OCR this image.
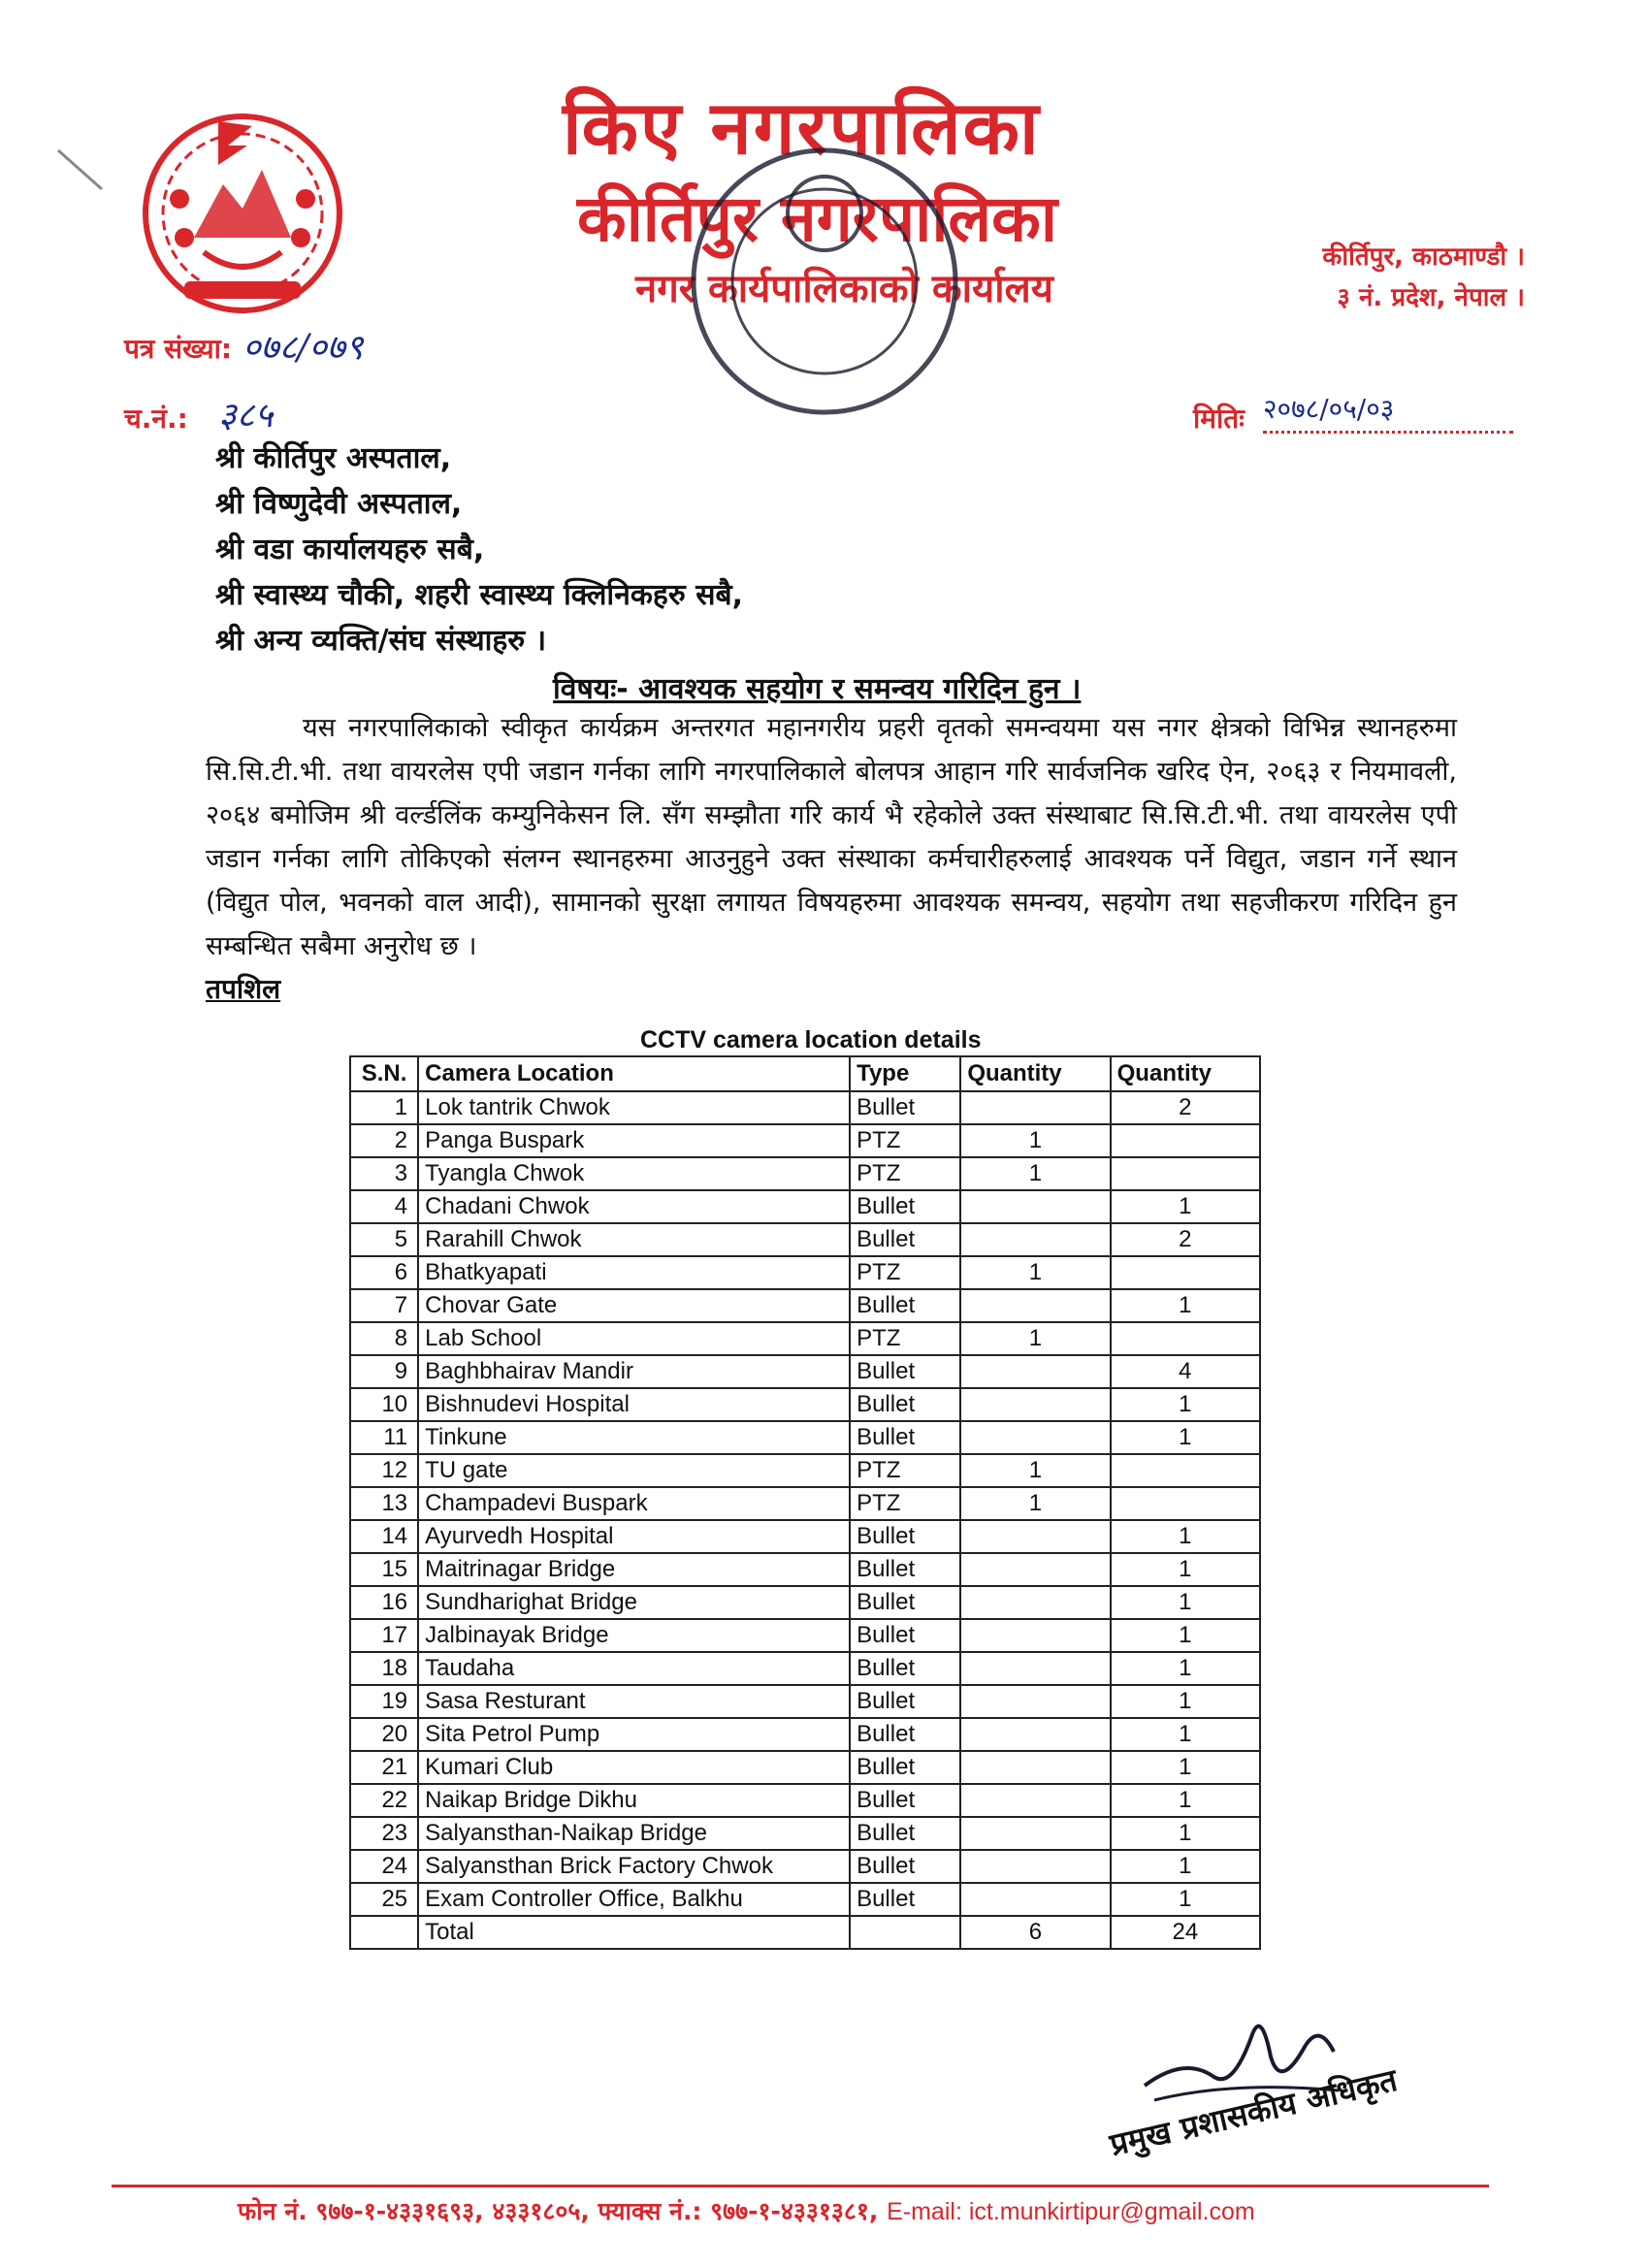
किए नगरपालिका
कीर्तिपुर नगरपालिका
नगर कार्यपालिकाको कार्यालय
कीर्तिपुर, काठमाण्डौ ।
३ नं. प्रदेश, नेपाल ।
पत्र संख्या: ०७८/०७९
च.नं.: ३८५	मितिः २०७८/०५/०३
श्री कीर्तिपुर अस्पताल,
श्री विष्णुदेवी अस्पताल,
श्री वडा कार्यालयहरु सबै,
श्री स्वास्थ्य चौकी, शहरी स्वास्थ्य क्लिनिकहरु सबै,
श्री अन्य व्यक्ति/संघ संस्थाहरु ।
विषयः- आवश्यक सहयोग र समन्वय गरिदिन हुन ।
यस नगरपालिकाको स्वीकृत कार्यक्रम अन्तरगत महानगरीय प्रहरी वृतको समन्वयमा यस नगर क्षेत्रको विभिन्न स्थानहरुमा सि.सि.टी.भी. तथा वायरलेस एपी जडान गर्नका लागि नगरपालिकाले बोलपत्र आहान गरि सार्वजनिक खरिद ऐन, २०६३ र नियमावली, २०६४ बमोजिम श्री वर्ल्डलिंक कम्युनिकेसन लि. सँग सम्झौता गरि कार्य भै रहेकोले उक्त संस्थाबाट सि.सि.टी.भी. तथा वायरलेस एपी जडान गर्नका लागि तोकिएको संलग्न स्थानहरुमा आउनुहुने उक्त संस्थाका कर्मचारीहरुलाई आवश्यक पर्ने विद्युत, जडान गर्ने स्थान (विद्युत पोल, भवनको वाल आदी), सामानको सुरक्षा लगायत विषयहरुमा आवश्यक समन्वय, सहयोग तथा सहजीकरण गरिदिन हुन सम्बन्धित सबैमा अनुरोध छ ।
तपशिल
CCTV camera location details
S.N.	Camera Location	Type	Quantity	Quantity
1	Lok tantrik Chwok	Bullet		2
2	Panga Buspark	PTZ	1	
3	Tyangla Chwok	PTZ	1	
4	Chadani Chwok	Bullet		1
5	Rarahill Chwok	Bullet		2
6	Bhatkyapati	PTZ	1	
7	Chovar Gate	Bullet		1
8	Lab School	PTZ	1	
9	Baghbhairav Mandir	Bullet		4
10	Bishnudevi Hospital	Bullet		1
11	Tinkune	Bullet		1
12	TU gate	PTZ	1	
13	Champadevi Buspark	PTZ	1	
14	Ayurvedh Hospital	Bullet		1
15	Maitrinagar Bridge	Bullet		1
16	Sundharighat Bridge	Bullet		1
17	Jalbinayak Bridge	Bullet		1
18	Taudaha	Bullet		1
19	Sasa Resturant	Bullet		1
20	Sita Petrol Pump	Bullet		1
21	Kumari Club	Bullet		1
22	Naikap Bridge Dikhu	Bullet		1
23	Salyansthan-Naikap Bridge	Bullet		1
24	Salyansthan Brick Factory Chwok	Bullet		1
25	Exam Controller Office, Balkhu	Bullet		1
	Total		6	24
प्रमुख प्रशासकीय अधिकृत
फोन नं. ९७७-१-४३३१६९३, ४३३१८०५, फ्याक्स नं.: ९७७-१-४३३१३८१, E-mail: ict.munkirtipur@gmail.com
